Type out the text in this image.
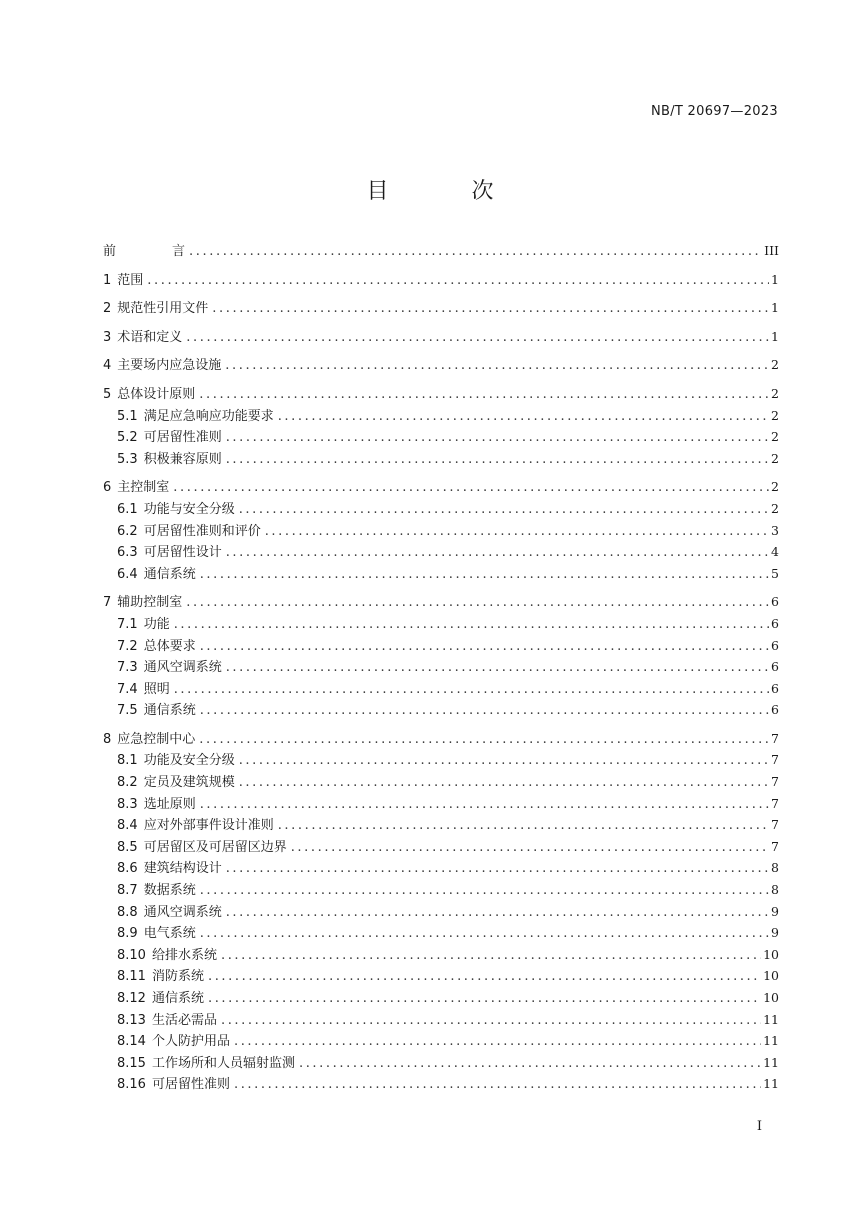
NB/T 20697—2023
目 次
前	言 .....	III
1 范围 .....	1
2 规范性引用文件 .....	1
3 术语和定义 .....	1
4 主要场内应急设施 .....	2
5 总体设计原则 .....	2
5.1 满足应急响应功能要求 .....	2
5.2 可居留性准则 .....	2
5.3 积极兼容原则 .....	2
6 主控制室 .....	2
6.1 功能与安全分级 .....	2
6.2 可居留性准则和评价 .....	3
6.3 可居留性设计 .....	4
6.4 通信系统 .....	5
7 辅助控制室 .....	6
7.1 功能 .....	6
7.2 总体要求 .....	6
7.3 通风空调系统 .....	6
7.4 照明 .....	6
7.5 通信系统 .....	6
8 应急控制中心 .....	7
8.1 功能及安全分级 .....	7
8.2 定员及建筑规模 .....	7
8.3 选址原则 .....	7
8.4 应对外部事件设计准则 .....	7
8.5 可居留区及可居留区边界 .....	7
8.6 建筑结构设计 .....	8
8.7 数据系统 .....	8
8.8 通风空调系统 .....	9
8.9 电气系统 .....	9
8.10 给排水系统 .....	10
8.11 消防系统 .....	10
8.12 通信系统 .....	10
8.13 生活必需品 .....	11
8.14 个人防护用品 .....	11
8.15 工作场所和人员辐射监测 .....	11
8.16 可居留性准则 .....	11
I
